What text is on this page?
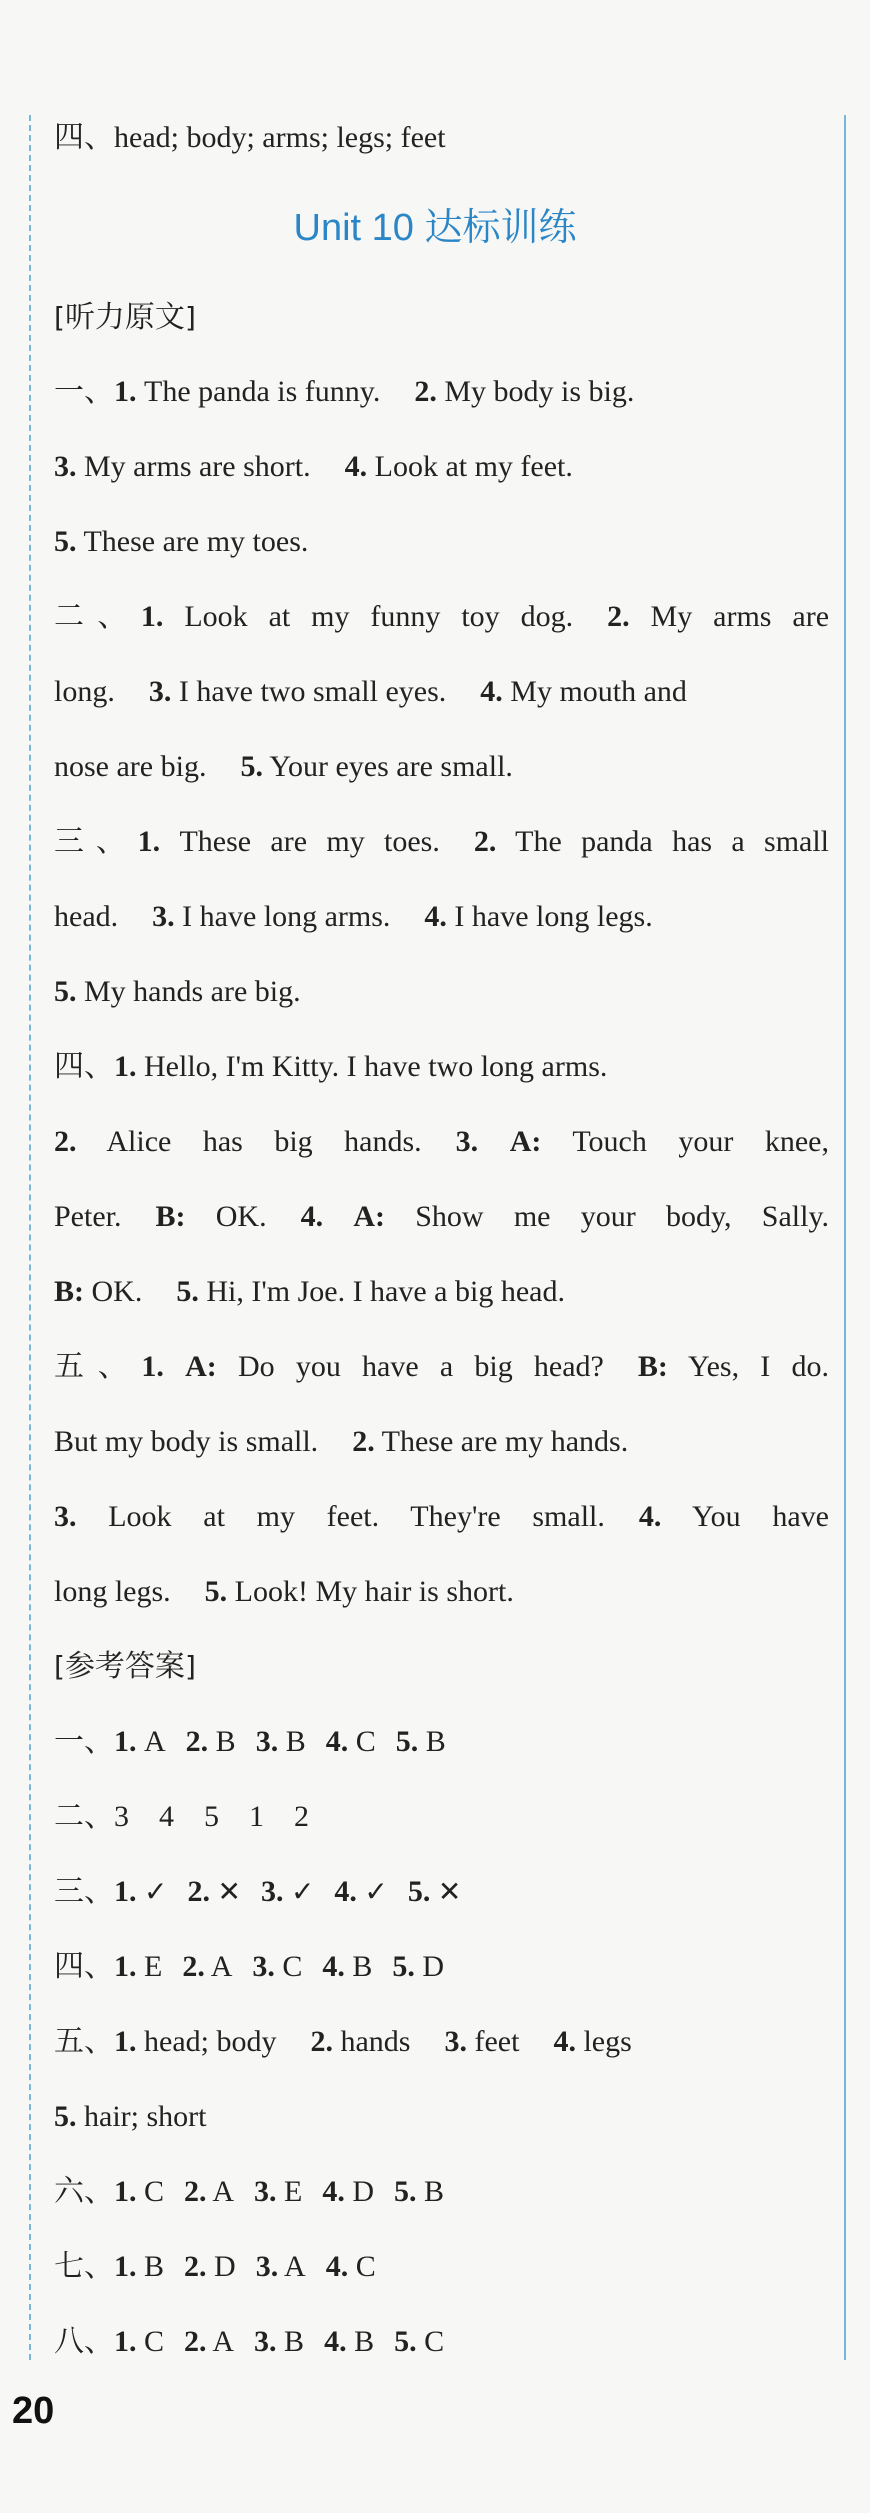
四、head; body; arms; legs; feet
Unit 10 达标训练
[听力原文]
一、1. The panda is funny. 2. My body is big.
3. My arms are short. 4. Look at my feet.
5. These are my toes.
二、1. Look at my funny toy dog. 2. My arms are
long. 3. I have two small eyes. 4. My mouth and
nose are big. 5. Your eyes are small.
三、1. These are my toes. 2. The panda has a small
head. 3. I have long arms. 4. I have long legs.
5. My hands are big.
四、1. Hello, I'm Kitty. I have two long arms.
2. Alice has big hands. 3. A: Touch your knee,
Peter. B: OK. 4. A: Show me your body, Sally.
B: OK. 5. Hi, I'm Joe. I have a big head.
五、1. A: Do you have a big head? B: Yes, I do.
But my body is small. 2. These are my hands.
3. Look at my feet. They're small. 4. You have
long legs. 5. Look! My hair is short.
[参考答案]
一、1. A 2. B 3. B 4. C 5. B
二、3　4　5　1　2
三、1. ✓ 2. ✕ 3. ✓ 4. ✓ 5. ✕
四、1. E 2. A 3. C 4. B 5. D
五、1. head; body 2. hands 3. feet 4. legs
5. hair; short
六、1. C 2. A 3. E 4. D 5. B
七、1. B 2. D 3. A 4. C
八、1. C 2. A 3. B 4. B 5. C
20
